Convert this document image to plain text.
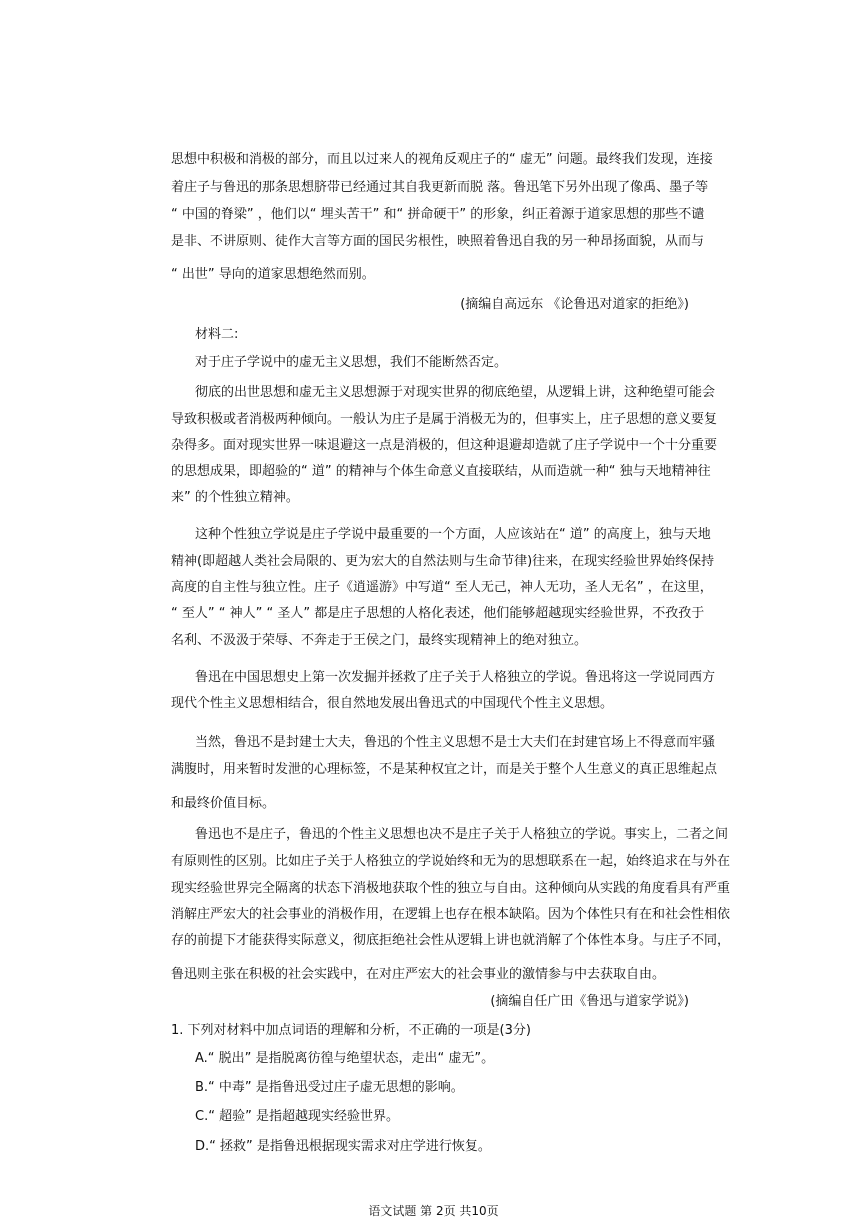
思想中积极和消极的部分，而且以过来人的视角反观庄子的“ 虚无” 问题。最终我们发现，连接
着庄子与鲁迅的那条思想脐带已经通过其自我更新而脱 落。鲁迅笔下另外出现了像禹、墨子等
“ 中国的脊梁” ，他们以“ 埋头苦干” 和“ 拼命硬干” 的形象，纠正着源于道家思想的那些不谴
是非、不讲原则、徒作大言等方面的国民劣根性，映照着鲁迅自我的另一种昂扬面貌，从而与
“ 出世” 导向的道家思想绝然而别。
(摘编自高远东 《论鲁迅对道家的拒绝》)
材料二:
对于庄子学说中的虚无主义思想，我们不能断然否定。
彻底的出世思想和虚无主义思想源于对现实世界的彻底绝望，从逻辑上讲，这种绝望可能会
导致积极或者消极两种倾向。一般认为庄子是属于消极无为的，但事实上，庄子思想的意义要复
杂得多。面对现实世界一味退避这一点是消极的，但这种退避却造就了庄子学说中一个十分重要
的思想成果，即超验的“ 道” 的精神与个体生命意义直接联结，从而造就一种“ 独与天地精神往
来” 的个性独立精神。
这种个性独立学说是庄子学说中最重要的一个方面，人应该站在“ 道” 的高度上，独与天地
精神(即超越人类社会局限的、更为宏大的自然法则与生命节律)往来，在现实经验世界始终保持
高度的自主性与独立性。庄子《逍遥游》中写道“ 至人无己，神人无功，圣人无名” ，在这里，
“ 至人” “ 神人” “ 圣人” 都是庄子思想的人格化表述，他们能够超越现实经验世界，不孜孜于
名利、不汲汲于荣辱、不奔走于王侯之门，最终实现精神上的绝对独立。
鲁迅在中国思想史上第一次发掘并拯救了庄子关于人格独立的学说。鲁迅将这一学说同西方
现代个性主义思想相结合，很自然地发展出鲁迅式的中国现代个性主义思想。
当然，鲁迅不是封建士大夫，鲁迅的个性主义思想不是士大夫们在封建官场上不得意而牢骚
满腹时，用来暂时发泄的心理标签，不是某种权宜之计，而是关于整个人生意义的真正思维起点
和最终价值目标。
鲁迅也不是庄子，鲁迅的个性主义思想也决不是庄子关于人格独立的学说。事实上，二者之间
有原则性的区别。比如庄子关于人格独立的学说始终和无为的思想联系在一起，始终追求在与外在
现实经验世界完全隔离的状态下消极地获取个性的独立与自由。这种倾向从实践的角度看具有严重
消解庄严宏大的社会事业的消极作用，在逻辑上也存在根本缺陷。因为个体性只有在和社会性相依
存的前提下才能获得实际意义，彻底拒绝社会性从逻辑上讲也就消解了个体性本身。与庄子不同，
鲁迅则主张在积极的社会实践中，在对庄严宏大的社会事业的激情参与中去获取自由。
(摘编自任广田《鲁迅与道家学说》)
1. 下列对材料中加点词语的理解和分析，不正确的一项是(3分)
A.“ 脱出” 是指脱离彷徨与绝望状态，走出“ 虚无”。
B.“ 中毒” 是指鲁迅受过庄子虚无思想的影响。
C.“ 超验” 是指超越现实经验世界。
D.“ 拯救” 是指鲁迅根据现实需求对庄学进行恢复。
语文试题 第 2页 共10页
